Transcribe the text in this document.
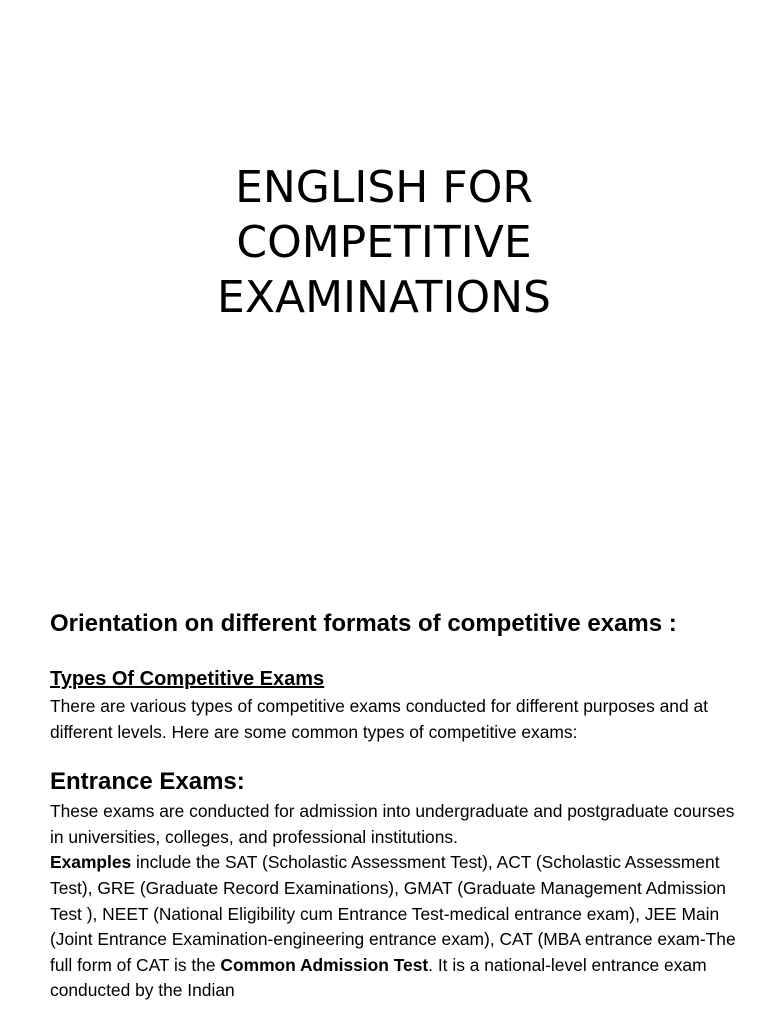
ENGLISH FOR
COMPETITIVE
EXAMINATIONS

Orientation on different formats of competitive exams :

Types Of Competitive Exams

There are various types of competitive exams conducted for different purposes and at different levels. Here are some common types of competitive exams:

Entrance Exams:

These exams are conducted for admission into undergraduate and postgraduate courses in universities, colleges, and professional institutions.

Examples include the SAT (Scholastic Assessment Test), ACT (Scholastic Assessment Test), GRE (Graduate Record Examinations), GMAT (Graduate Management Admission Test ), NEET (National Eligibility cum Entrance Test-medical entrance exam), JEE Main (Joint Entrance Examination-engineering entrance exam), CAT (MBA entrance exam-The full form of CAT is the Common Admission Test. It is a national-level entrance exam conducted by the Indian
